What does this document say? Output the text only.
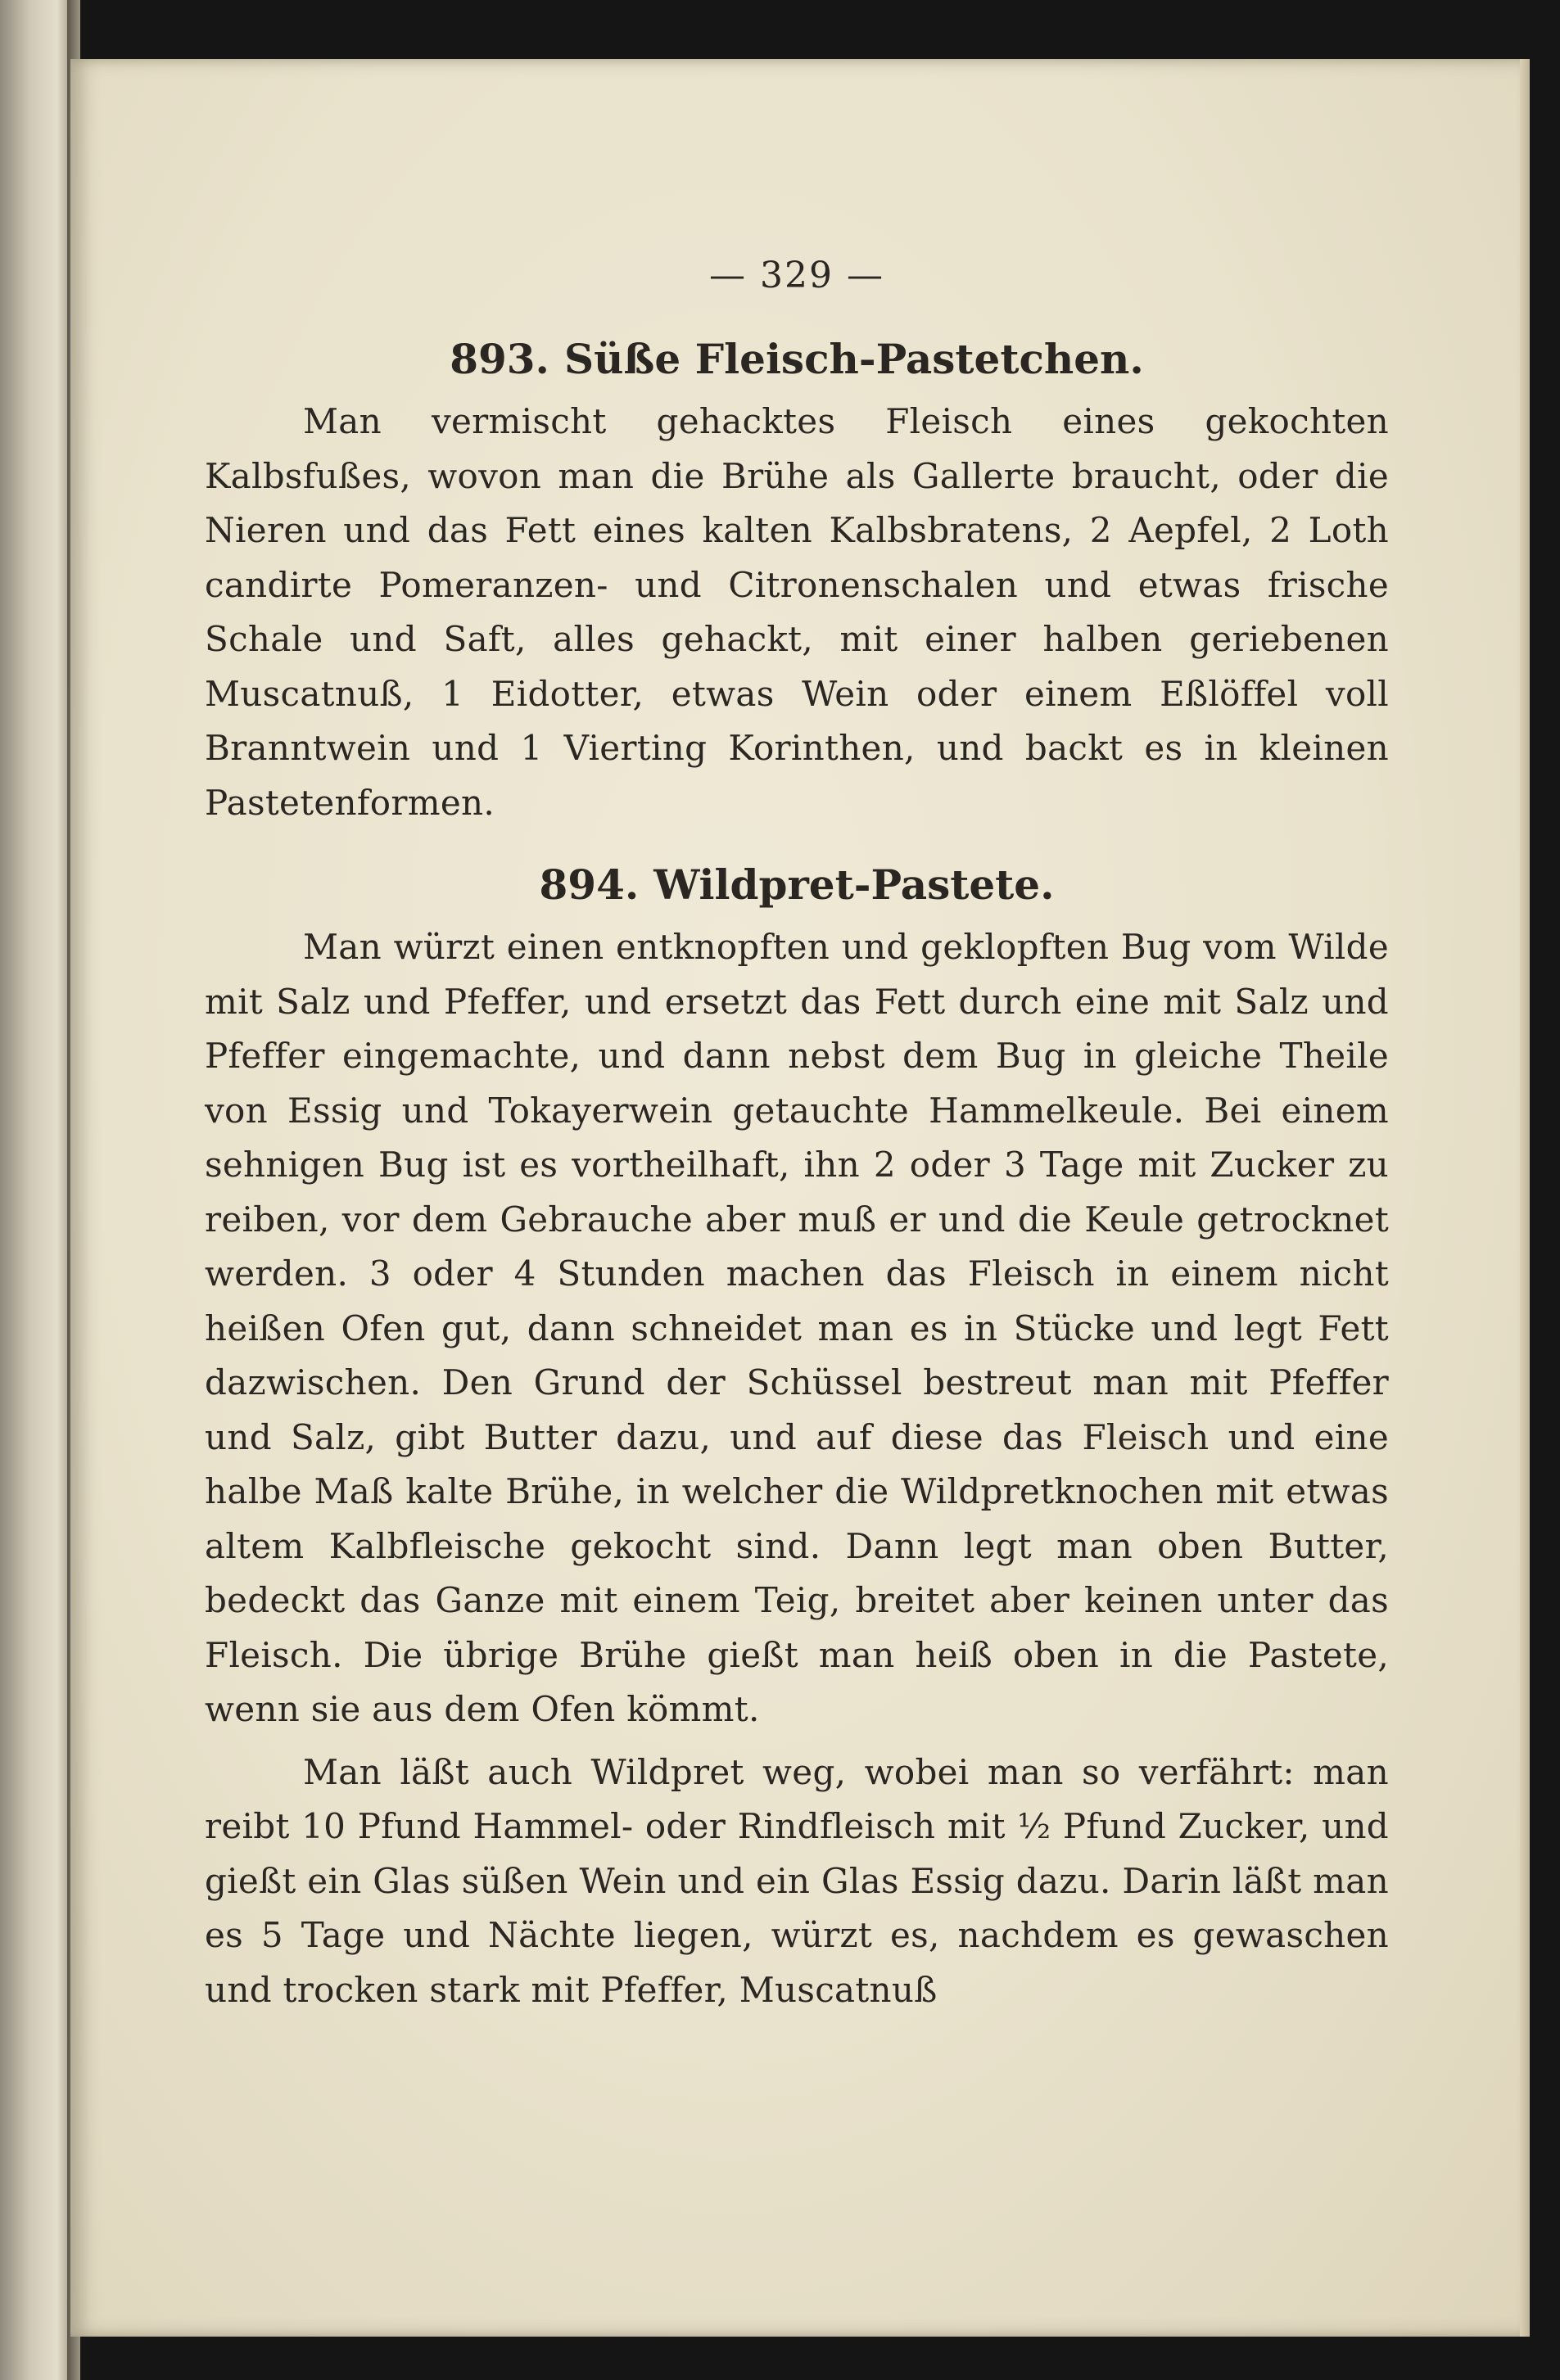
— 329 —
893. Süße Fleisch-Pastetchen.

Man vermischt gehacktes Fleisch eines gekochten Kalbsfußes, wovon man die Brühe als Gallerte braucht, oder die Nieren und das Fett eines kalten Kalbsbratens, 2 Aepfel, 2 Loth candirte Pomeranzen- und Citronenschalen und etwas frische Schale und Saft, alles gehackt, mit einer halben geriebenen Muscatnuß, 1 Eidotter, etwas Wein oder einem Eßlöffel voll Branntwein und 1 Vierting Korinthen, und backt es in kleinen Pastetenformen.

894. Wildpret-Pastete.

Man würzt einen entknopften und geklopften Bug vom Wilde mit Salz und Pfeffer, und ersetzt das Fett durch eine mit Salz und Pfeffer eingemachte, und dann nebst dem Bug in gleiche Theile von Essig und Tokayerwein getauchte Hammelkeule. Bei einem sehnigen Bug ist es vortheilhaft, ihn 2 oder 3 Tage mit Zucker zu reiben, vor dem Gebrauche aber muß er und die Keule getrocknet werden. 3 oder 4 Stunden machen das Fleisch in einem nicht heißen Ofen gut, dann schneidet man es in Stücke und legt Fett dazwischen. Den Grund der Schüssel bestreut man mit Pfeffer und Salz, gibt Butter dazu, und auf diese das Fleisch und eine halbe Maß kalte Brühe, in welcher die Wildpretknochen mit etwas altem Kalbfleische gekocht sind. Dann legt man oben Butter, bedeckt das Ganze mit einem Teig, breitet aber keinen unter das Fleisch. Die übrige Brühe gießt man heiß oben in die Pastete, wenn sie aus dem Ofen kömmt.

Man läßt auch Wildpret weg, wobei man so verfährt: man reibt 10 Pfund Hammel- oder Rindfleisch mit ½ Pfund Zucker, und gießt ein Glas süßen Wein und ein Glas Essig dazu. Darin läßt man es 5 Tage und Nächte liegen, würzt es, nachdem es gewaschen und trocken stark mit Pfeffer, Muscatnuß
